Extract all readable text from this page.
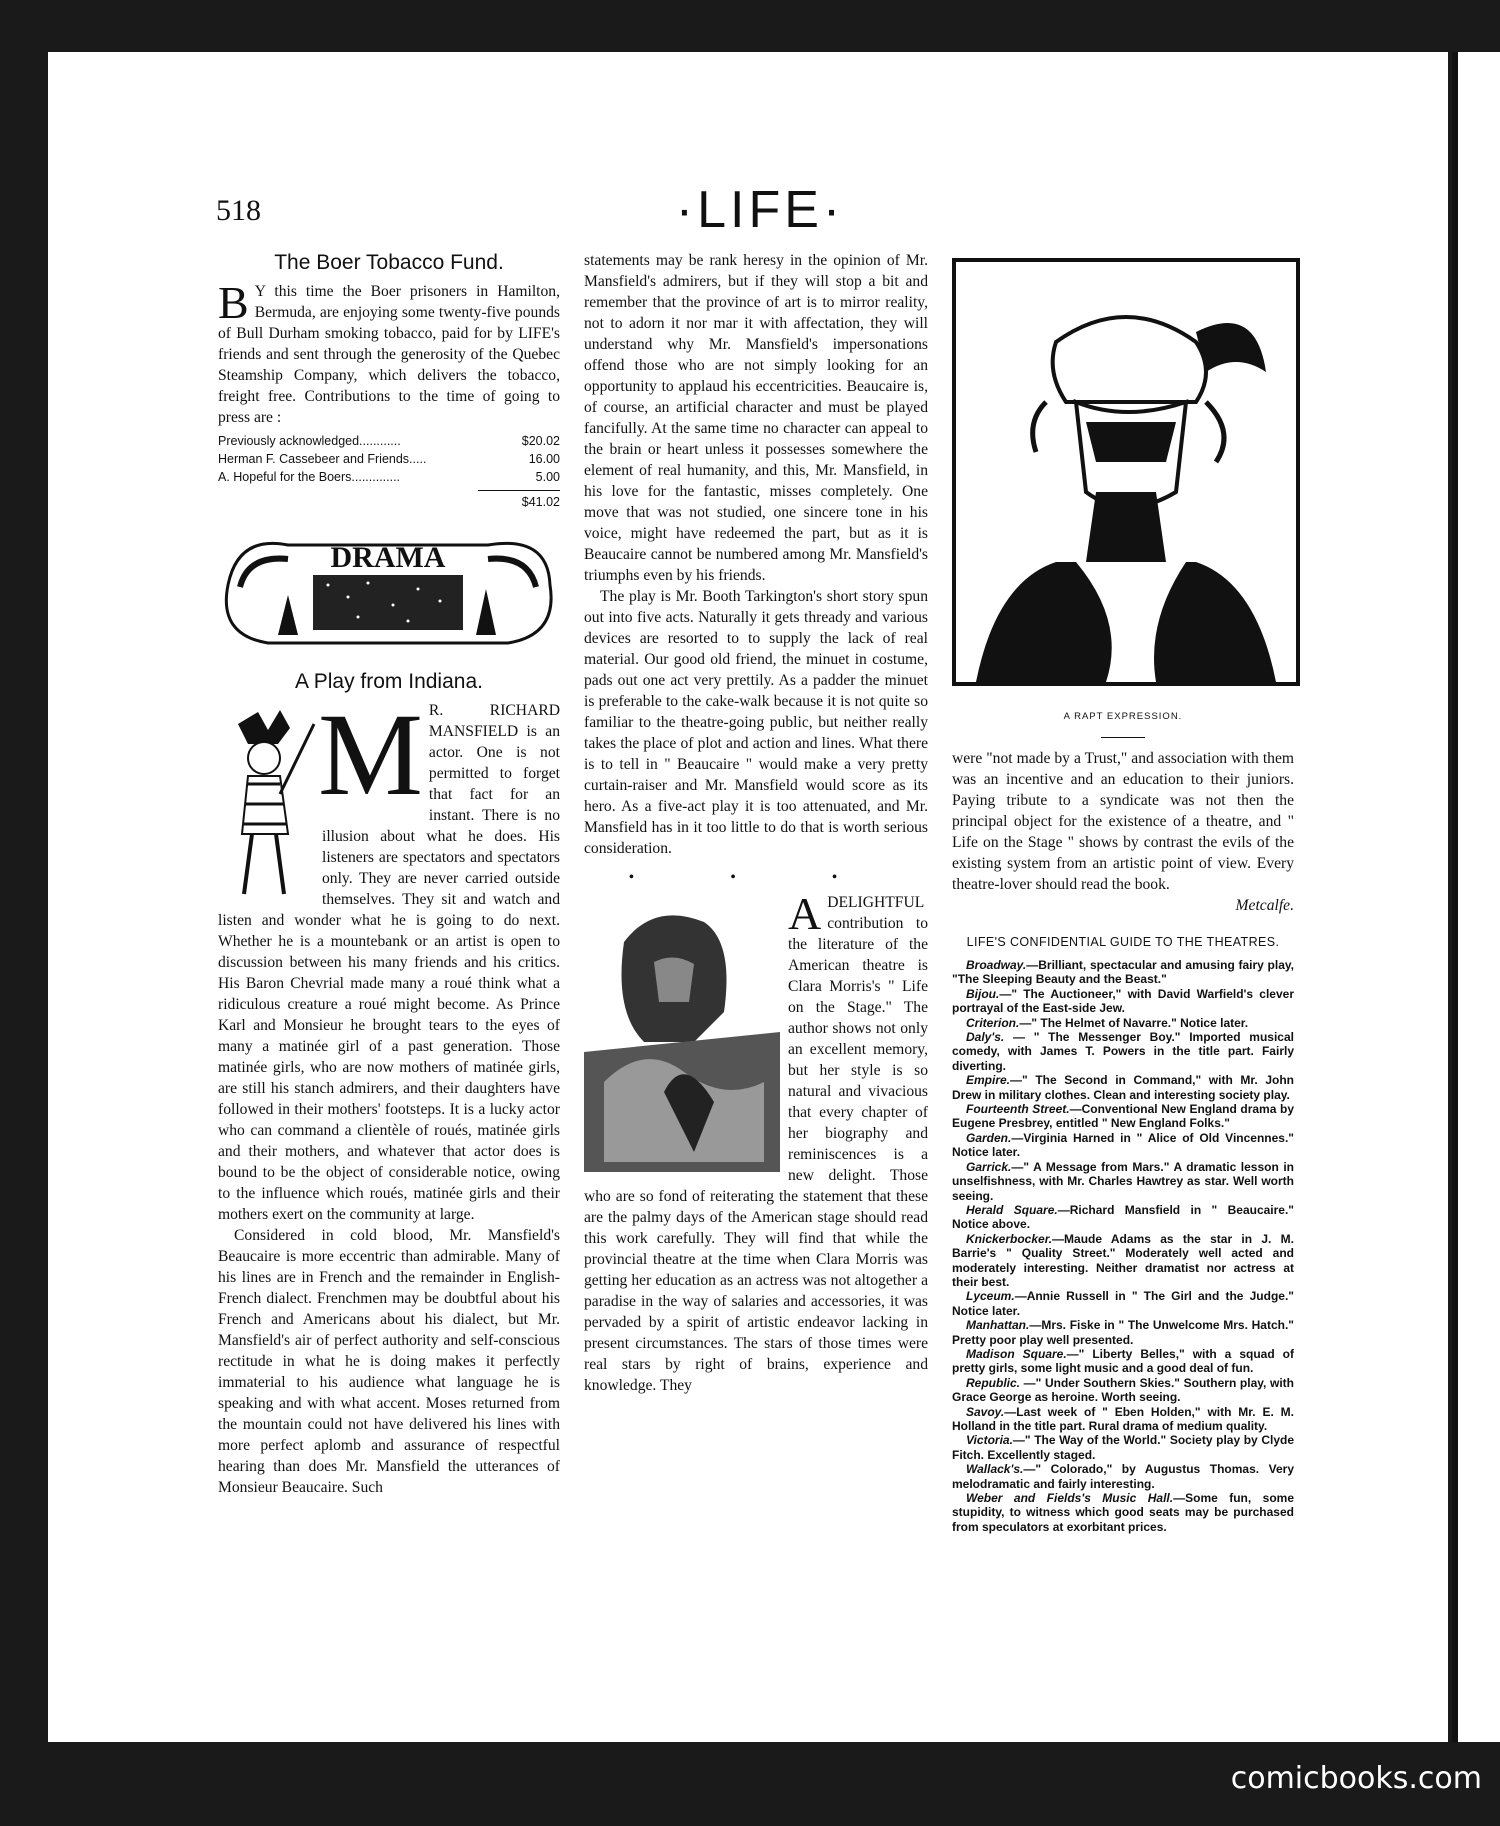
518	·LIFE·
The Boer Tobacco Fund.
B Y this time the Boer prisoners in Hamilton, Bermuda, are enjoying some twenty-five pounds of Bull Durham smoking tobacco, paid for by LIFE's friends and sent through the generosity of the Quebec Steamship Company, which delivers the tobacco, freight free. Contributions to the time of going to press are :
Previously acknowledged............	$20.02
Herman F. Cassebeer and Friends.....	16.00
A. Hopeful for the Boers..............	5.00
$41.02
DRAMA
A Play from Indiana.
M R. RICHARD MANSFIELD is an actor. One is not permitted to forget that fact for an instant. There is no illusion about what he does. His listeners are spectators and spectators only. They are never carried outside themselves. They sit and watch and listen and wonder what he is going to do next. Whether he is a mountebank or an artist is open to discussion between his many friends and his critics. His Baron Chevrial made many a roué think what a ridiculous creature a roué might become. As Prince Karl and Monsieur he brought tears to the eyes of many a matinée girl of a past generation. Those matinée girls, who are now mothers of matinée girls, are still his stanch admirers, and their daughters have followed in their mothers' footsteps. It is a lucky actor who can command a clientèle of roués, matinée girls and their mothers, and whatever that actor does is bound to be the object of considerable notice, owing to the influence which roués, matinée girls and their mothers exert on the community at large.

Considered in cold blood, Mr. Mansfield's Beaucaire is more eccentric than admirable. Many of his lines are in French and the remainder in English-French dialect. Frenchmen may be doubtful about his French and Americans about his dialect, but Mr. Mansfield's air of perfect authority and self-conscious rectitude in what he is doing makes it perfectly immaterial to his audience what language he is speaking and with what accent. Moses returned from the mountain could not have delivered his lines with more perfect aplomb and assurance of respectful hearing than does Mr. Mansfield the utterances of Monsieur Beaucaire. Such

statements may be rank heresy in the opinion of Mr. Mansfield's admirers, but if they will stop a bit and remember that the province of art is to mirror reality, not to adorn it nor mar it with affectation, they will understand why Mr. Mansfield's impersonations offend those who are not simply looking for an opportunity to applaud his eccentricities. Beaucaire is, of course, an artificial character and must be played fancifully. At the same time no character can appeal to the brain or heart unless it possesses somewhere the element of real humanity, and this, Mr. Mansfield, in his love for the fantastic, misses completely. One move that was not studied, one sincere tone in his voice, might have redeemed the part, but as it is Beaucaire cannot be numbered among Mr. Mansfield's triumphs even by his friends.

The play is Mr. Booth Tarkington's short story spun out into five acts. Naturally it gets thready and various devices are resorted to to supply the lack of real material. Our good old friend, the minuet in costume, pads out one act very prettily. As a padder the minuet is preferable to the cake-walk because it is not quite so familiar to the theatre-going public, but neither really takes the place of plot and action and lines. What there is to tell in " Beaucaire " would make a very pretty curtain-raiser and Mr. Mansfield would score as its hero. As a five-act play it is too attenuated, and Mr. Mansfield has in it too little to do that is worth serious consideration.

• • •
A DELIGHTFUL contribution to the literature of the American theatre is Clara Morris's " Life on the Stage." The author shows not only an excellent memory, but her style is so natural and vivacious that every chapter of her biography and reminiscences is a new delight. Those who are so fond of reiterating the statement that these are the palmy days of the American stage should read this work carefully. They will find that while the provincial theatre at the time when Clara Morris was getting her education as an actress was not altogether a paradise in the way of salaries and accessories, it was pervaded by a spirit of artistic endeavor lacking in present circumstances. The stars of those times were real stars by right of brains, experience and knowledge. They
A RAPT EXPRESSION.

were "not made by a Trust," and association with them was an incentive and an education to their juniors. Paying tribute to a syndicate was not then the principal object for the existence of a theatre, and " Life on the Stage " shows by contrast the evils of the existing system from an artistic point of view. Every theatre-lover should read the book.

Metcalfe.
LIFE'S CONFIDENTIAL GUIDE TO THE THEATRES.

Broadway.—Brilliant, spectacular and amusing fairy play, "The Sleeping Beauty and the Beast."

Bijou.—" The Auctioneer," with David Warfield's clever portrayal of the East-side Jew.

Criterion.—" The Helmet of Navarre." Notice later.

Daly's. — " The Messenger Boy." Imported musical comedy, with James T. Powers in the title part. Fairly diverting.

Empire.—" The Second in Command," with Mr. John Drew in military clothes. Clean and interesting society play.

Fourteenth Street.—Conventional New England drama by Eugene Presbrey, entitled " New England Folks."

Garden.—Virginia Harned in " Alice of Old Vincennes." Notice later.

Garrick.—" A Message from Mars." A dramatic lesson in unselfishness, with Mr. Charles Hawtrey as star. Well worth seeing.

Herald Square.—Richard Mansfield in " Beaucaire." Notice above.

Knickerbocker.—Maude Adams as the star in J. M. Barrie's " Quality Street." Moderately well acted and moderately interesting. Neither dramatist nor actress at their best.

Lyceum.—Annie Russell in " The Girl and the Judge." Notice later.

Manhattan.—Mrs. Fiske in " The Unwelcome Mrs. Hatch." Pretty poor play well presented.

Madison Square.—" Liberty Belles," with a squad of pretty girls, some light music and a good deal of fun.

Republic. —" Under Southern Skies." Southern play, with Grace George as heroine. Worth seeing.

Savoy.—Last week of " Eben Holden," with Mr. E. M. Holland in the title part. Rural drama of medium quality.

Victoria.—" The Way of the World." Society play by Clyde Fitch. Excellently staged.

Wallack's.—" Colorado," by Augustus Thomas. Very melodramatic and fairly interesting.

Weber and Fields's Music Hall.—Some fun, some stupidity, to witness which good seats may be purchased from speculators at exorbitant prices.

comicbooks.com
